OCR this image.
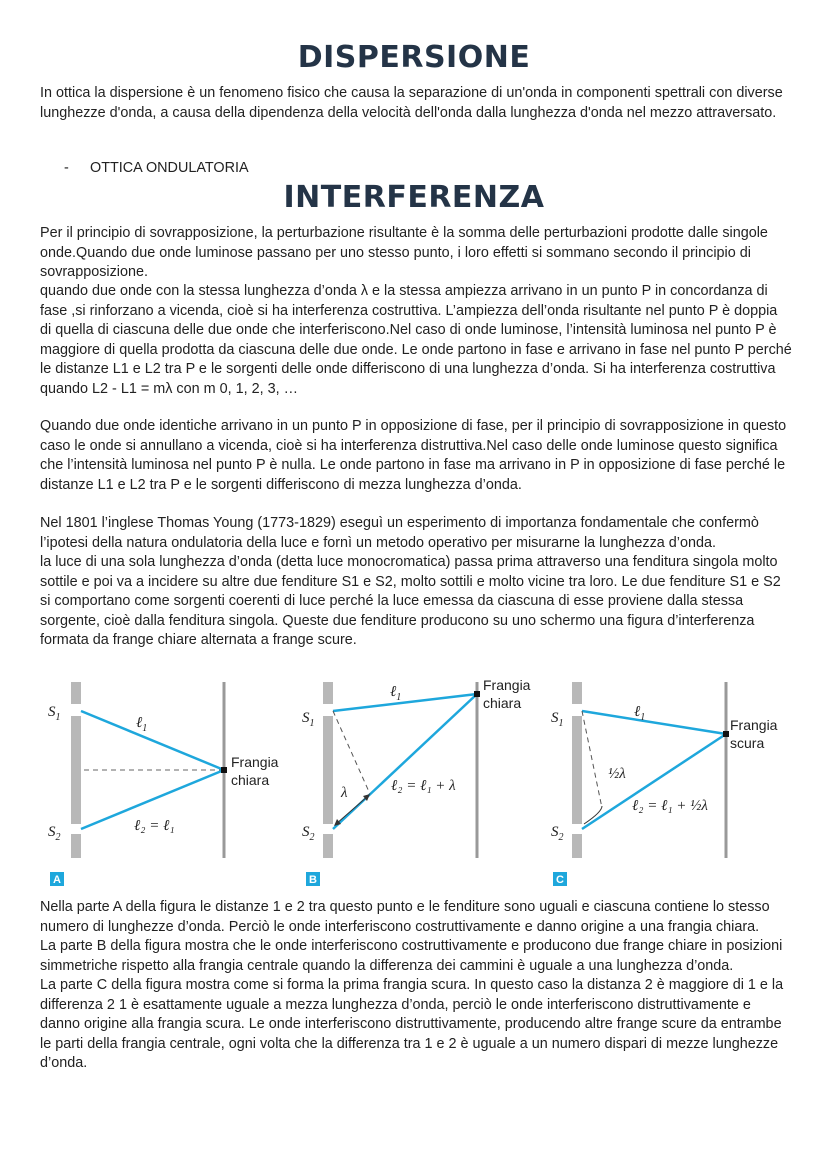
DISPERSIONE

In ottica la dispersione è un fenomeno fisico che causa la separazione di un'onda in componenti spettrali con diverse lunghezze d'onda, a causa della dipendenza della velocità dell'onda dalla lunghezza d'onda nel mezzo attraversato.

- OTTICA ONDULATORIA
INTERFERENZA

Per il principio di sovrapposizione, la perturbazione risultante è la somma delle perturbazioni prodotte dalle singole onde.Quando due onde luminose passano per uno stesso punto, i loro effetti si sommano secondo il principio di sovrapposizione.

quando due onde con la stessa lunghezza d’onda λ e la stessa ampiezza arrivano in un punto P in concordanza di fase ,si rinforzano a vicenda, cioè si ha interferenza costruttiva. L’ampiezza dell’onda risultante nel punto P è doppia di quella di ciascuna delle due onde che interferiscono.Nel caso di onde luminose, l’intensità luminosa nel punto P è maggiore di quella prodotta da ciascuna delle due onde. Le onde partono in fase e arrivano in fase nel punto P perché le distanze L1 e L2 tra P e le sorgenti delle onde differiscono di una lunghezza d’onda. Si ha interferenza costruttiva quando L2 - L1 = mλ con m 0, 1, 2, 3, …

Quando due onde identiche arrivano in un punto P in opposizione di fase, per il principio di sovrapposizione in questo caso le onde si annullano a vicenda, cioè si ha interferenza distruttiva.Nel caso delle onde luminose questo significa che l’intensità luminosa nel punto P è nulla. Le onde partono in fase ma arrivano in P in opposizione di fase perché le distanze L1 e L2 tra P e le sorgenti differiscono di mezza lunghezza d’onda.

Nel 1801 l’inglese Thomas Young (1773-1829) eseguì un esperimento di importanza fondamentale che confermò l’ipotesi della natura ondulatoria della luce e fornì un metodo operativo per misurarne la lunghezza d’onda.
la luce di una sola lunghezza d’onda (detta luce monocromatica) passa prima attraverso una fenditura singola molto sottile e poi va a incidere su altre due fenditure S1 e S2, molto sottili e molto vicine tra loro. Le due fenditure S1 e S2 si comportano come sorgenti coerenti di luce perché la luce emessa da ciascuna di esse proviene dalla stessa sorgente, cioè dalla fenditura singola. Queste due fenditure producono su uno schermo una figura d’interferenza formata da frange chiare alternata a frange scure.

$S_1$
$S_2$
ℓ$_1$
ℓ₂ = ℓ₁
Frangia
chiara
A
$S_1$
$S_2$
ℓ$_1$
λ	ℓ₂ = ℓ₁ + λ
Frangia
chiara
B
$S_1$
$S_2$
ℓ$_1$
½λ
ℓ₂ = ℓ₁ + ½λ
Frangia
scura
C

Nella parte A della figura le distanze 1 e 2 tra questo punto e le fenditure sono uguali e ciascuna contiene lo stesso numero di lunghezze d’onda. Perciò le onde interferiscono costruttivamente e danno origine a una frangia chiara.
La parte B della figura mostra che le onde interferiscono costruttivamente e producono due frange chiare in posizioni simmetriche rispetto alla frangia centrale quando la differenza dei cammini è uguale a una lunghezza d’onda.
La parte C della figura mostra come si forma la prima frangia scura. In questo caso la distanza 2 è maggiore di 1 e la differenza 2 1 è esattamente uguale a mezza lunghezza d’onda, perciò le onde interferiscono distruttivamente e danno origine alla frangia scura. Le onde interferiscono distruttivamente, producendo altre frange scure da entrambe le parti della frangia centrale, ogni volta che la differenza tra 1 e 2 è uguale a un numero dispari di mezze lunghezze d’onda.
